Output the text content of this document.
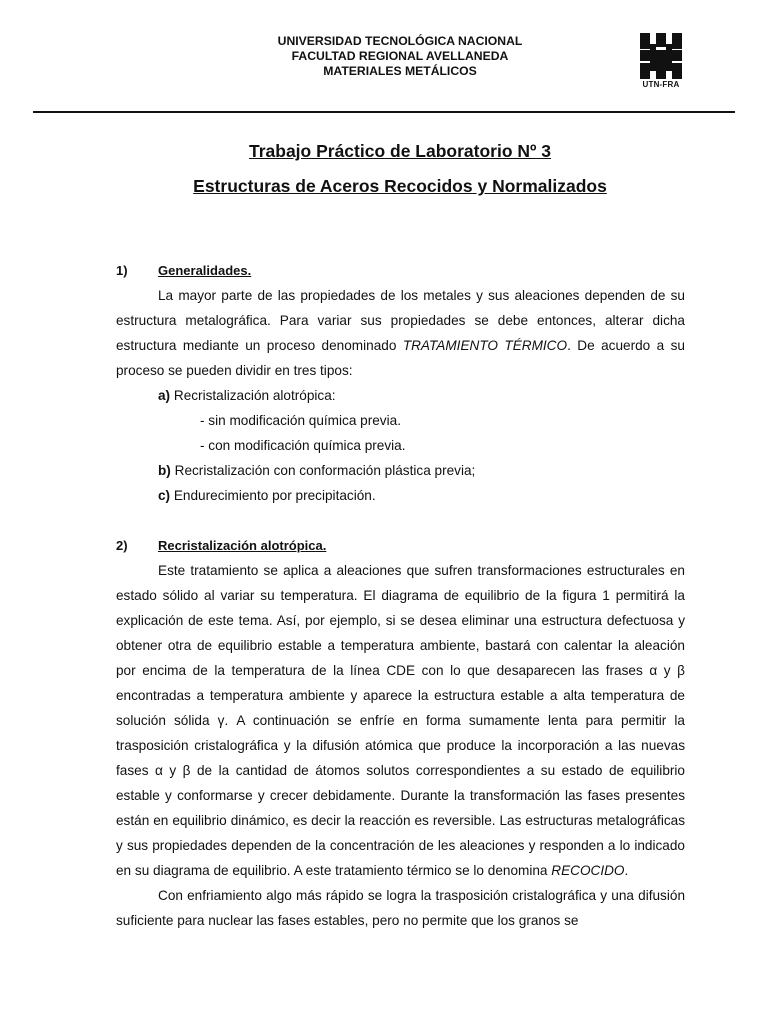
UNIVERSIDAD TECNOLÓGICA NACIONAL
FACULTAD REGIONAL AVELLANEDA
MATERIALES METÁLICOS
UTN-FRA
Trabajo Práctico de Laboratorio Nº 3
Estructuras de Aceros Recocidos y Normalizados
1) Generalidades.

La mayor parte de las propiedades de los metales y sus aleaciones dependen de su estructura metalográfica. Para variar sus propiedades se debe entonces, alterar dicha estructura mediante un proceso denominado TRATAMIENTO TÉRMICO. De acuerdo a su proceso se pueden dividir en tres tipos:

a) Recristalización alotrópica:
- sin modificación química previa.
- con modificación química previa.
b) Recristalización con conformación plástica previa;
c) Endurecimiento por precipitación.
2) Recristalización alotrópica.

Este tratamiento se aplica a aleaciones que sufren transformaciones estructurales en estado sólido al variar su temperatura. El diagrama de equilibrio de la figura 1 permitirá la explicación de este tema. Así, por ejemplo, si se desea eliminar una estructura defectuosa y obtener otra de equilibrio estable a temperatura ambiente, bastará con calentar la aleación por encima de la temperatura de la línea CDE con lo que desaparecen las frases α y β encontradas a temperatura ambiente y aparece la estructura estable a alta temperatura de solución sólida γ. A continuación se enfríe en forma sumamente lenta para permitir la trasposición cristalográfica y la difusión atómica que produce la incorporación a las nuevas fases α y β de la cantidad de átomos solutos correspondientes a su estado de equilibrio estable y conformarse y crecer debidamente. Durante la transformación las fases presentes están en equilibrio dinámico, es decir la reacción es reversible. Las estructuras metalográficas y sus propiedades dependen de la concentración de les aleaciones y responden a lo indicado en su diagrama de equilibrio. A este tratamiento térmico se lo denomina RECOCIDO.

Con enfriamiento algo más rápido se logra la trasposición cristalográfica y una difusión suficiente para nuclear las fases estables, pero no permite que los granos se
